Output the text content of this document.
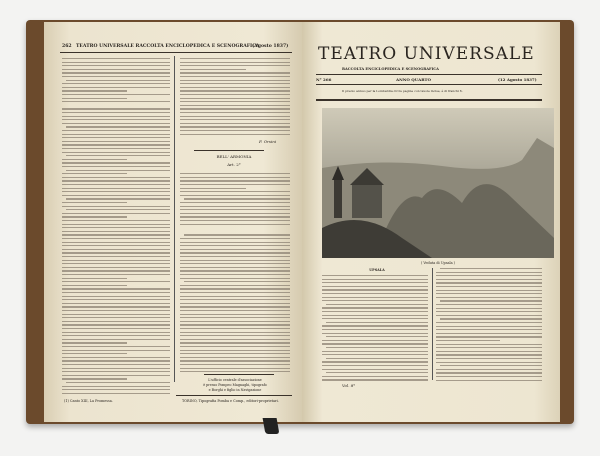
262 TEATRO UNIVERSALE RACCOLTA ENCICLOPEDICA E SCENOGRAFICA
(Agosto 1837)
BELL' ARMONIA
Art. 2°
F. Orsini
L'ufficio centrale d'associazione
è presso Pompeo Magnaghi, tipografo
e Borghi e figlio in Navigazione
TORINO, Tipografia Pomba e Comp., editori-proprietari.
(1) Canto XIII, La Promessa.
TEATRO UNIVERSALE
RACCOLTA ENCICLOPEDICA E SCENOGRAFICA
N° 266	ANNO QUARTO	(12 Agosto 1837)
Il prezzo annuo per la Lombardia di tre pagine con tavole incise, è di franchi 6.
( Veduta di Upsala )
UPSALA
Vol. 8°
